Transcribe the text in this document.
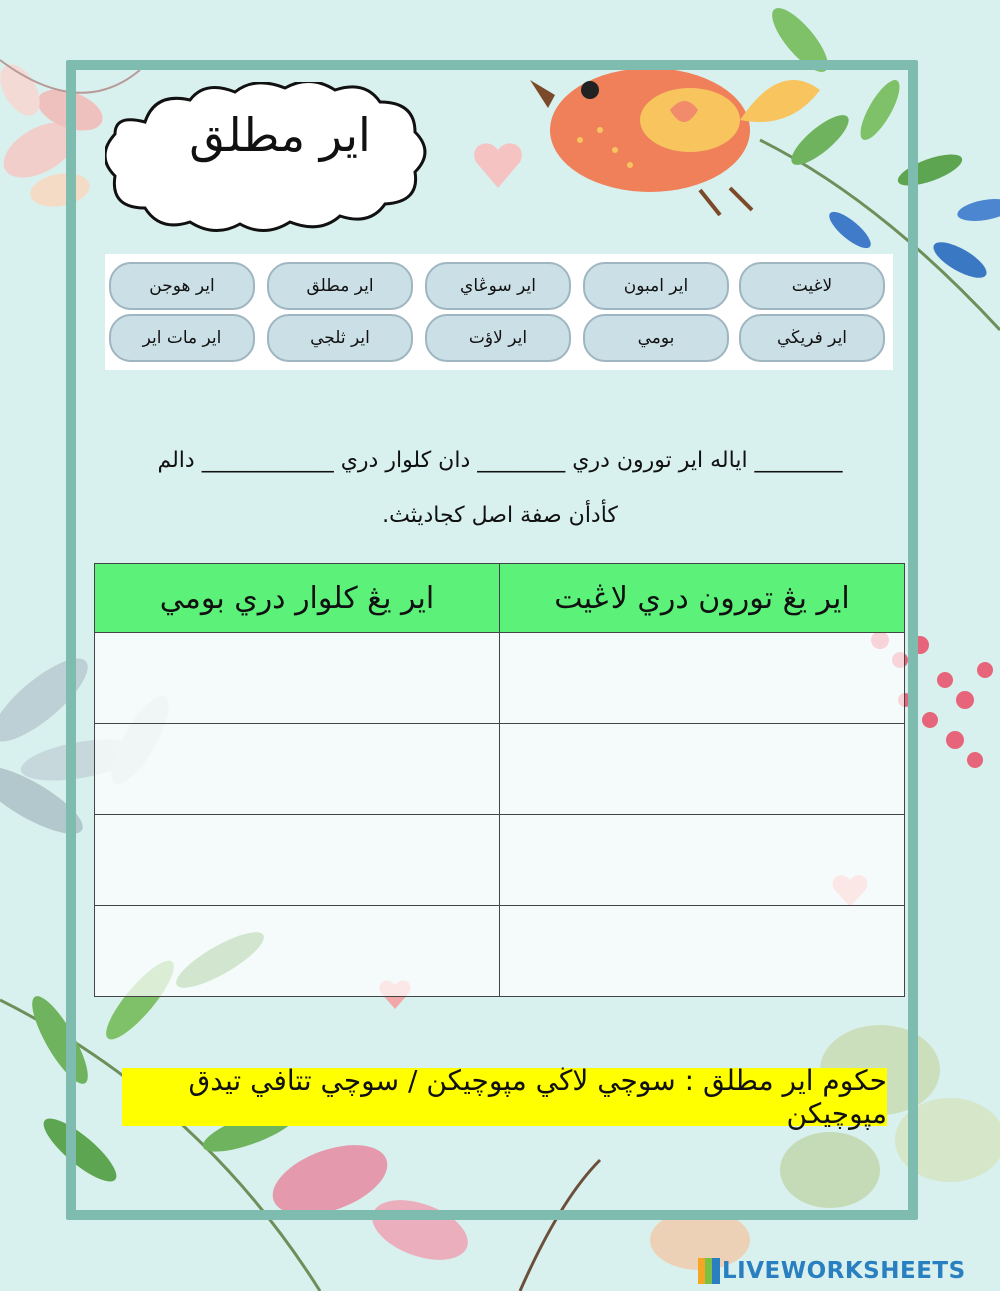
اير مطلق
لاغيت
اير امبون
اير سوڠاي
اير مطلق
اير هوجن
اير فريڬي
بومي
اير لاؤت
اير ثلجي
اير مات اير
________ اياله اير تورون دري ________ دان كلوار دري ____________ دالم
كأدأن صفة اصل كجاديثث.
اير يڠ كلوار دري بومي	اير يڠ تورون دري لاڠيت

حكوم اير مطلق : سوچي لاڬي مپوچيكن / سوچي تتافي تيدق مپوچيكن
LIVEWORKSHEETS
